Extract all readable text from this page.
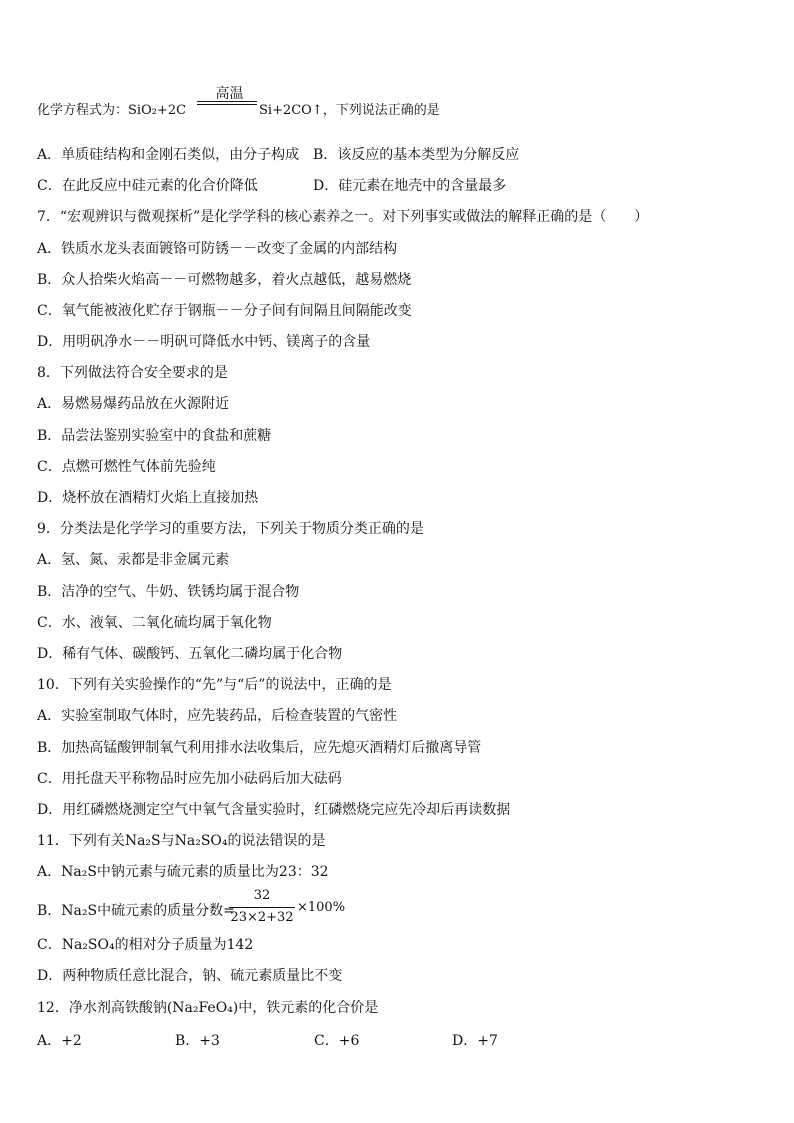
化学方程式为：SiO₂+2C
高温
Si+2CO↑，下列说法正确的是
A．单质硅结构和金刚石类似，由分子构成 B．该反应的基本类型为分解反应
C．在此反应中硅元素的化合价降低	D．硅元素在地壳中的含量最多
7．“宏观辨识与微观探析”是化学学科的核心素养之一。对下列事实或做法的解释正确的是（　　）
A．铁质水龙头表面镀铬可防锈－－改变了金属的内部结构
B．众人拾柴火焰高－－可燃物越多，着火点越低，越易燃烧
C．氧气能被液化贮存于钢瓶－－分子间有间隔且间隔能改变
D．用明矾净水－－明矾可降低水中钙、镁离子的含量
8．下列做法符合安全要求的是
A．易燃易爆药品放在火源附近
B．品尝法鉴别实验室中的食盐和蔗糖
C．点燃可燃性气体前先验纯
D．烧杯放在酒精灯火焰上直接加热
9．分类法是化学学习的重要方法，下列关于物质分类正确的是
A．氢、氮、汞都是非金属元素
B．洁净的空气、牛奶、铁锈均属于混合物
C．水、液氧、二氧化硫均属于氧化物
D．稀有气体、碳酸钙、五氧化二磷均属于化合物
10．下列有关实验操作的“先”与“后”的说法中，正确的是
A．实验室制取气体时，应先装药品，后检查装置的气密性
B．加热高锰酸钾制氧气利用排水法收集后，应先熄灭酒精灯后撤离导管
C．用托盘天平称物品时应先加小砝码后加大砝码
D．用红磷燃烧测定空气中氧气含量实验时，红磷燃烧完应先冷却后再读数据
11．下列有关Na₂S与Na₂SO₄的说法错误的是
A．Na₂S中钠元素与硫元素的质量比为23：32
B．Na₂S中硫元素的质量分数=
32
23×2+32
×100%
C．Na₂SO₄的相对分子质量为142
D．两种物质任意比混合，钠、硫元素质量比不变
12．净水剂高铁酸钠(Na₂FeO₄)中，铁元素的化合价是
A．+2	B．+3	C．+6	D．+7
